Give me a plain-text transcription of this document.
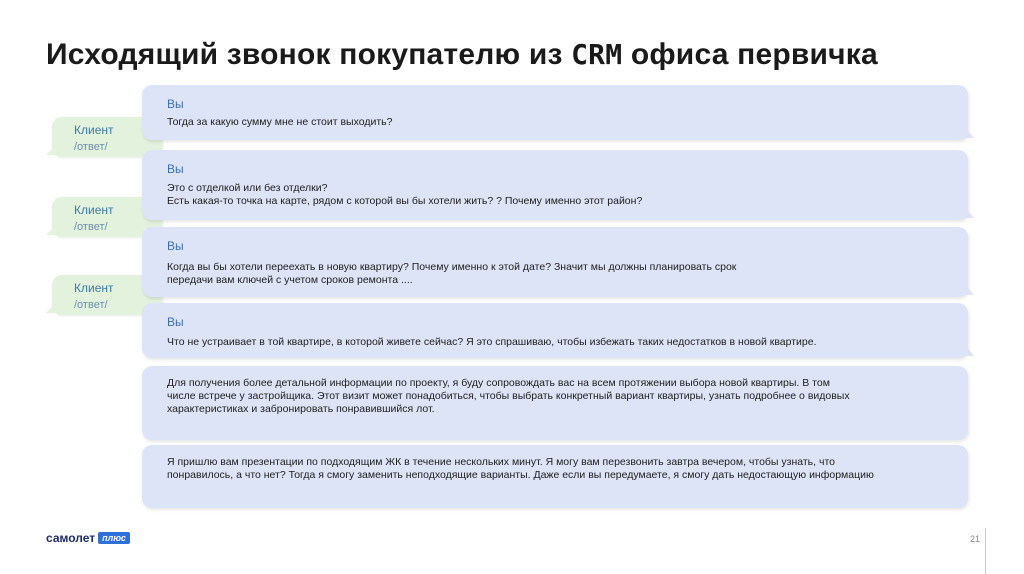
Исходящий звонок покупателю из CRM офиса первичка
Клиент
/ответ/
Клиент
/ответ/
Клиент
/ответ/
Вы
Тогда за какую сумму мне не стоит выходить?
Вы
Это с отделкой или без отделки?
Есть какая-то точка на карте, рядом с которой вы бы хотели жить? ? Почему именно этот район?
Вы
Когда вы бы хотели переехать в новую квартиру? Почему именно к этой дате? Значит мы должны планировать срок
передачи вам ключей с учетом сроков ремонта ....
Вы
Что не устраивает в той квартире, в которой живете сейчас? Я это спрашиваю, чтобы избежать таких недостатков в новой квартире.
Для получения более детальной информации по проекту, я буду сопровождать вас на всем протяжении выбора новой квартиры. В том
числе встрече у застройщика. Этот визит может понадобиться, чтобы выбрать конкретный вариант квартиры, узнать подробнее о видовых
характеристиках и забронировать понравившийся лот.
Я пришлю вам презентации по подходящим ЖК в течение нескольких минут. Я могу вам перезвонить завтра вечером, чтобы узнать, что
понравилось, а что нет? Тогда я смогу заменить неподходящие варианты. Даже если вы передумаете, я смогу дать недостающую информацию
самолет плюс	21
